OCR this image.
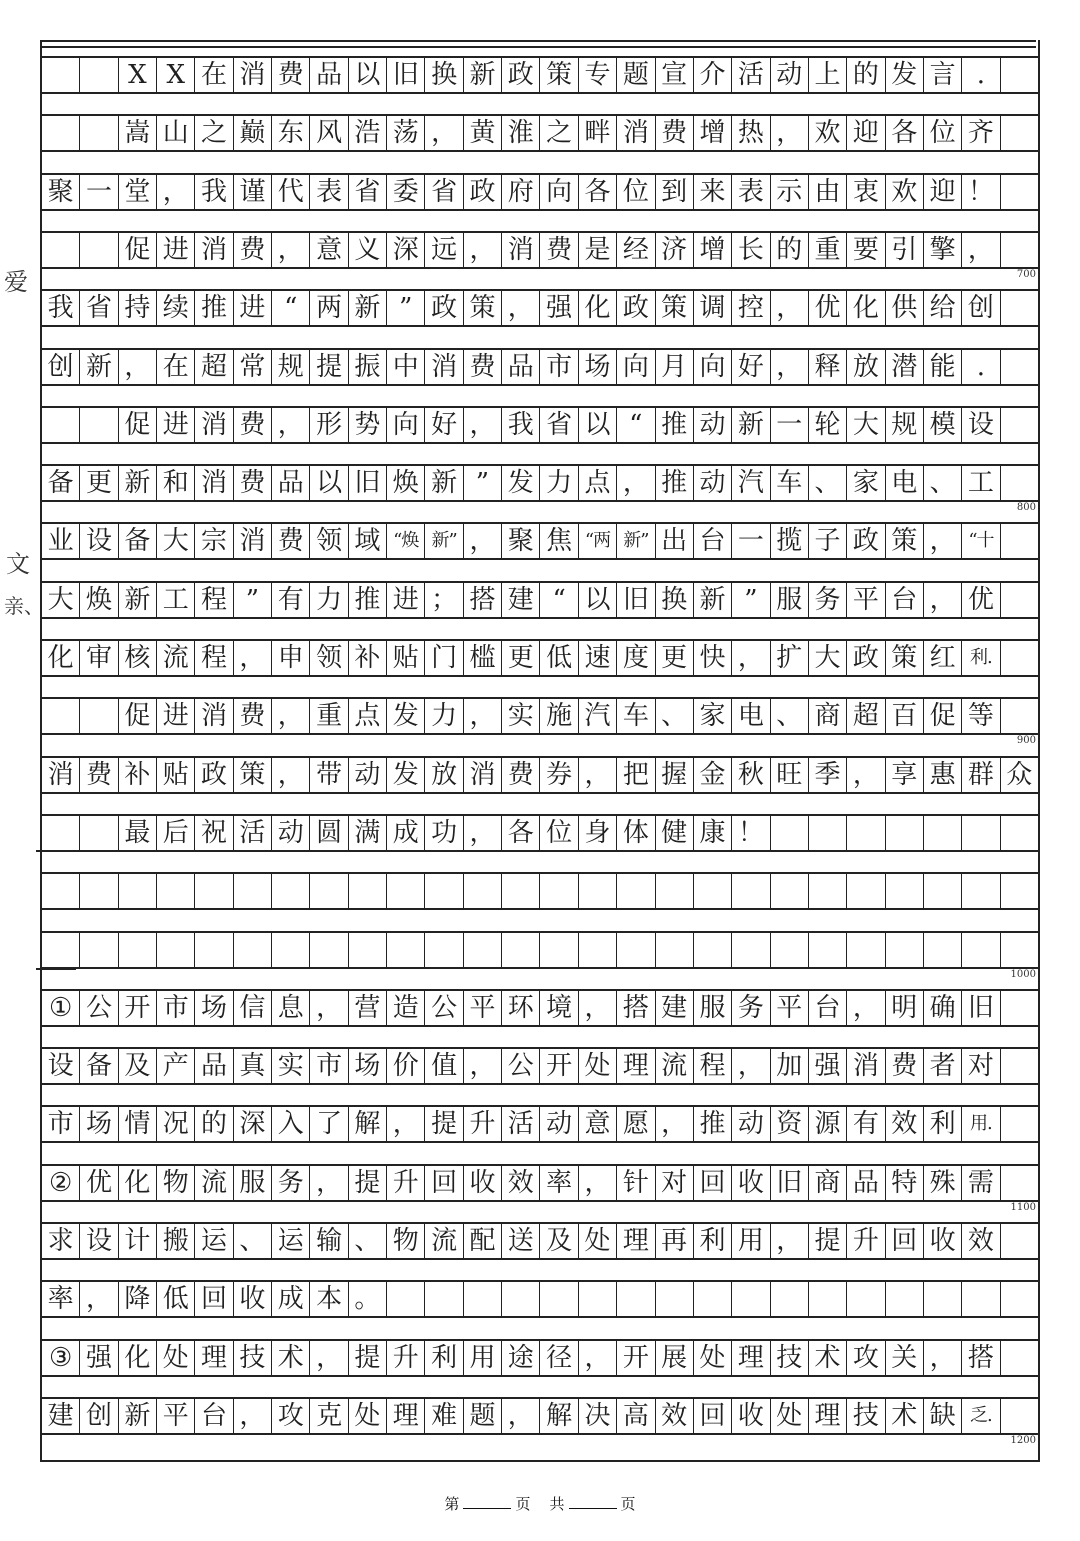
X X 在 消 费 品 以 旧 换 新 政 策 专 题 宣 介 活 动 上 的 发 言 .
嵩 山 之 巅 东 风 浩 荡 ， 黄 淮 之 畔 消 费 增 热 ， 欢 迎 各 位 齐
聚 一 堂 ， 我 谨 代 表 省 委 省 政 府 向 各 位 到 来 表 示 由 衷 欢 迎 ！
促 进 消 费 ， 意 义 深 远 ， 消 费 是 经 济 增 长 的 重 要 引 擎 ，
700
我 省 持 续 推 进 “ 两 新 ” 政 策 ， 强 化 政 策 调 控 ， 优 化 供 给 创
创 新 ， 在 超 常 规 提 振 中 消 费 品 市 场 向 月 向 好 ， 释 放 潜 能 .
促 进 消 费 ， 形 势 向 好 ， 我 省 以 “ 推 动 新 一 轮 大 规 模 设
备 更 新 和 消 费 品 以 旧 焕 新 ” 发 力 点 ， 推 动 汽 车 、 家 电 、 工
800
业 设 备 大 宗 消 费 领 域 “焕 新” ， 聚 焦 “两 新” 出 台 一 揽 子 政 策 ， “十
大 焕 新 工 程 ” 有 力 推 进 ； 搭 建 “ 以 旧 换 新 ” 服 务 平 台 ， 优
化 审 核 流 程 ， 申 领 补 贴 门 槛 更 低 速 度 更 快 ， 扩 大 政 策 红 利.
促 进 消 费 ， 重 点 发 力 ， 实 施 汽 车 、 家 电 、 商 超 百 促 等
900
消 费 补 贴 政 策 ， 带 动 发 放 消 费 券 ， 把 握 金 秋 旺 季 ， 享 惠 群 众
最 后 祝 活 动 圆 满 成 功 ， 各 位 身 体 健 康 ！
1000
① 公 开 市 场 信 息 ， 营 造 公 平 环 境 ， 搭 建 服 务 平 台 ， 明 确 旧
设 备 及 产 品 真 实 市 场 价 值 ， 公 开 处 理 流 程 ， 加 强 消 费 者 对
市 场 情 况 的 深 入 了 解 ， 提 升 活 动 意 愿 ， 推 动 资 源 有 效 利 用.
② 优 化 物 流 服 务 ， 提 升 回 收 效 率 ， 针 对 回 收 旧 商 品 特 殊 需
1100
求 设 计 搬 运 、 运 输 、 物 流 配 送 及 处 理 再 利 用 ， 提 升 回 收 效
率 ， 降 低 回 收 成 本 。
③ 强 化 处 理 技 术 ， 提 升 利 用 途 径 ， 开 展 处 理 技 术 攻 关 ， 搭
建 创 新 平 台 ， 攻 克 处 理 难 题 ， 解 决 高 效 回 收 处 理 技 术 缺 乏.
1200
爱
文
亲、
第	页 共	页
